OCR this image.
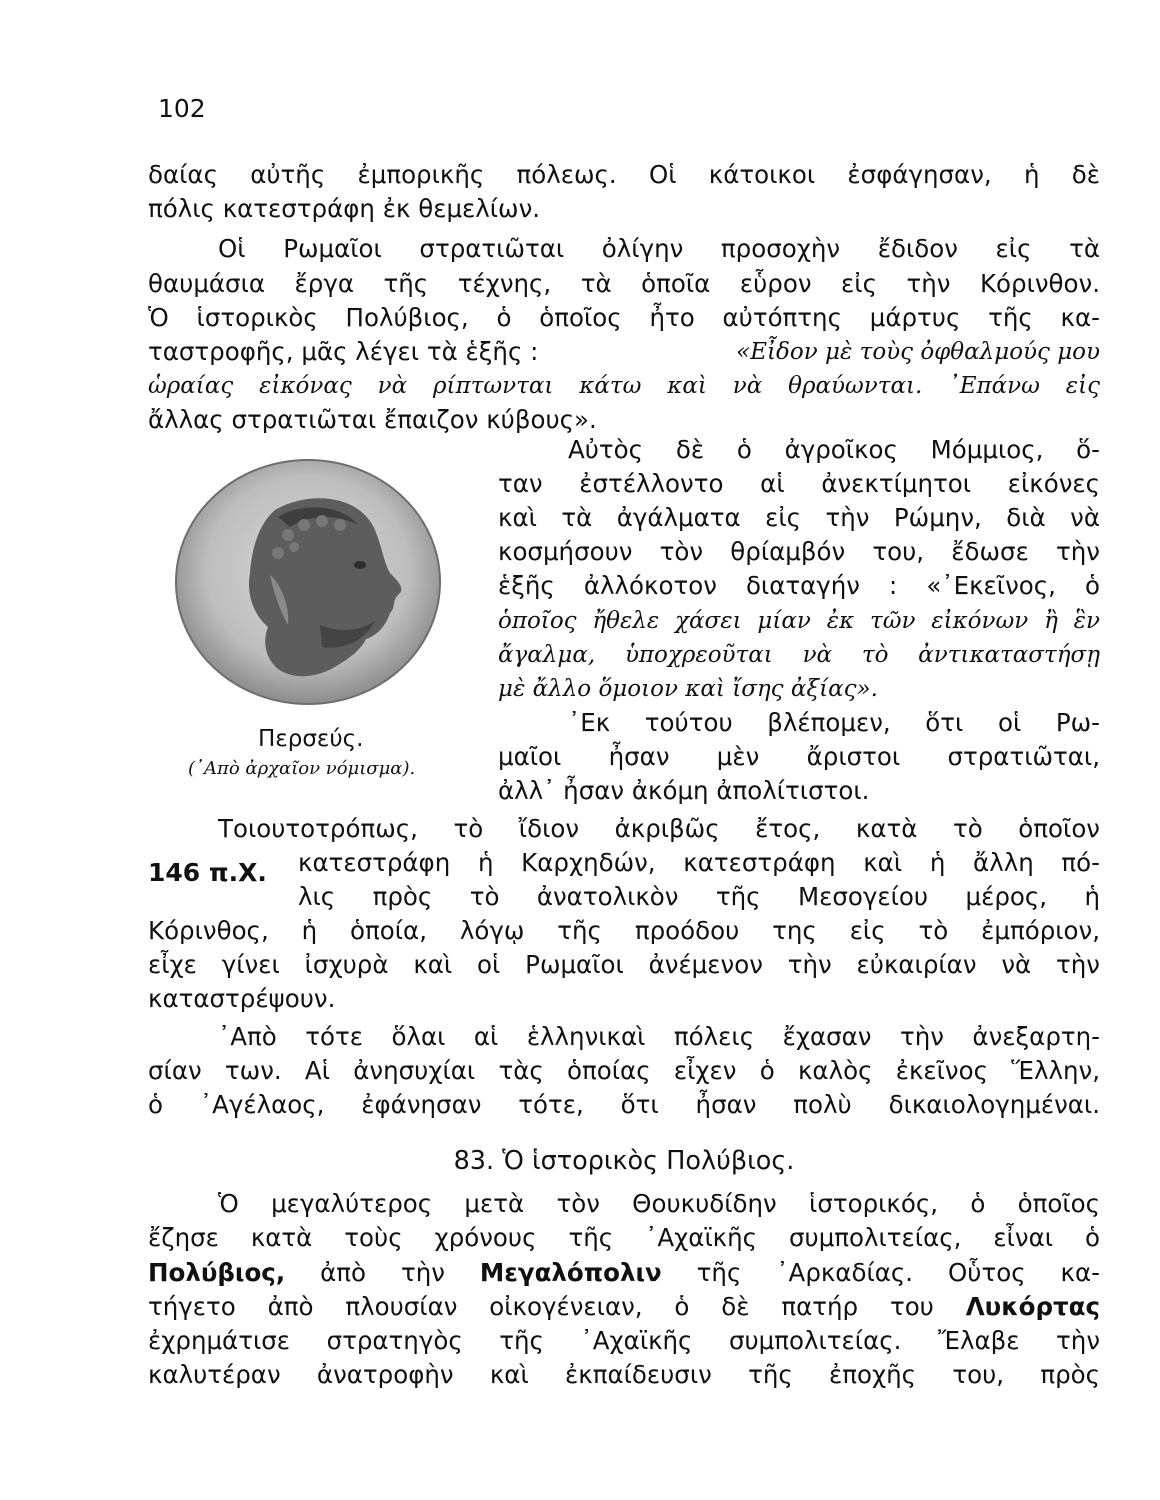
102
δαίας αὐτῆς ἐμπορικῆς πόλεως. Οἱ κάτοικοι ἐσφάγησαν, ἡ δὲ
πόλις κατεστράφη ἐκ θεμελίων.
Οἱ Ρωμαῖοι στρατιῶται ὀλίγην προσοχὴν ἔδιδον εἰς τὰ
θαυμάσια ἔργα τῆς τέχνης, τὰ ὁποῖα εὗρον εἰς τὴν Κόρινθον.
Ὁ ἱστορικὸς Πολύβιος, ὁ ὁποῖος ἦτο αὐτόπτης μάρτυς τῆς κα-
ταστροφῆς, μᾶς λέγει τὰ ἑξῆς :	«Εἶδον μὲ τοὺς ὀφθαλμούς μου
ὡραίας εἰκόνας νὰ ρίπτωνται κάτω καὶ νὰ θραύωνται. ᾿Επάνω εἰς
ἄλλας στρατιῶται ἔπαιζον κύβους».
Περσεύς.
(᾿Απὸ ἀρχαῖον νόμισμα).
Αὐτὸς δὲ ὁ ἀγροῖκος Μόμμιος, ὅ-
ταν ἐστέλλοντο αἱ ἀνεκτίμητοι εἰκόνες
καὶ τὰ ἀγάλματα εἰς τὴν Ρώμην, διὰ νὰ
κοσμήσουν τὸν θρίαμβόν του, ἔδωσε τὴν
ἑξῆς ἀλλόκοτον διαταγήν : «᾿Εκεῖνος, ὁ
ὁποῖος ἤθελε χάσει μίαν ἐκ τῶν εἰκόνων ἢ ἓν
ἄγαλμα, ὑποχρεοῦται νὰ τὸ ἀντικαταστήσῃ
μὲ ἄλλο ὅμοιον καὶ ἴσης ἀξίας».
᾿Εκ τούτου βλέπομεν, ὅτι οἱ Ρω-
μαῖοι ἦσαν μὲν ἄριστοι στρατιῶται,
ἀλλ᾿ ἦσαν ἀκόμη ἀπολίτιστοι.
Τοιουτοτρόπως, τὸ ἴδιον ἀκριβῶς ἔτος, κατὰ τὸ ὁποῖον
146 π.Χ. κατεστράφη ἡ Καρχηδών, κατεστράφη καὶ ἡ ἄλλη πό-
λις πρὸς τὸ ἀνατολικὸν τῆς Μεσογείου μέρος, ἡ
Κόρινθος, ἡ ὁποία, λόγῳ τῆς προόδου της εἰς τὸ ἐμπόριον,
εἶχε γίνει ἰσχυρὰ καὶ οἱ Ρωμαῖοι ἀνέμενον τὴν εὐκαιρίαν νὰ τὴν
καταστρέψουν.
᾿Απὸ τότε ὅλαι αἱ ἑλληνικαὶ πόλεις ἔχασαν τὴν ἀνεξαρτη-
σίαν των. Αἱ ἀνησυχίαι τὰς ὁποίας εἶχεν ὁ καλὸς ἐκεῖνος Ἕλλην,
ὁ ᾿Αγέλαος, ἐφάνησαν τότε, ὅτι ἦσαν πολὺ δικαιολογημέναι.
83. Ὁ ἱστορικὸς Πολύβιος.
Ὁ μεγαλύτερος μετὰ τὸν Θουκυδίδην ἱστορικός, ὁ ὁποῖος
ἔζησε κατὰ τοὺς χρόνους τῆς ᾿Αχαϊκῆς συμπολιτείας, εἶναι ὁ
Πολύβιος, ἀπὸ τὴν Μεγαλόπολιν τῆς ᾿Αρκαδίας. Οὗτος κα-
τήγετο ἀπὸ πλουσίαν οἰκογένειαν, ὁ δὲ πατήρ του Λυκόρτας
ἐχρημάτισε στρατηγὸς τῆς ᾿Αχαϊκῆς συμπολιτείας. Ἔλαβε τὴν
καλυτέραν ἀνατροφὴν καὶ ἐκπαίδευσιν τῆς ἐποχῆς του, πρὸς
